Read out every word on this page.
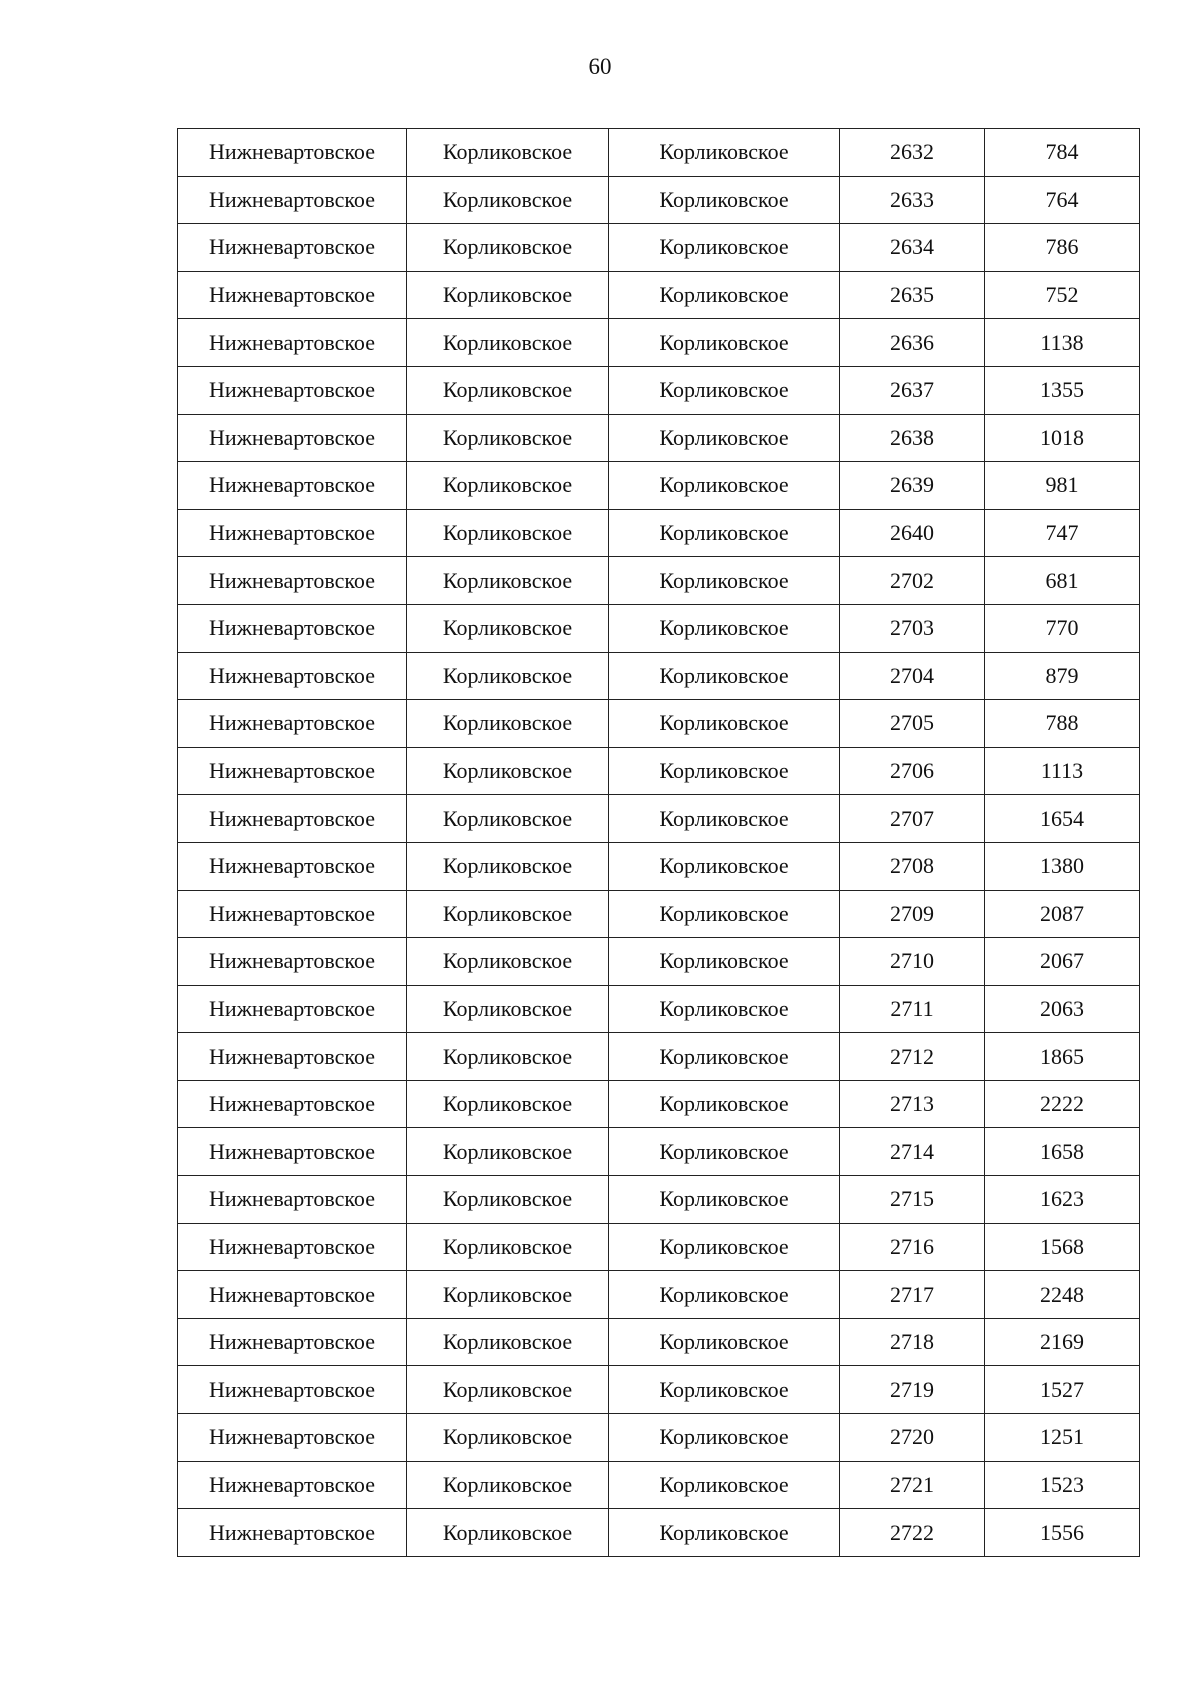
60
Нижневартовское	Корликовское	Корликовское	2632	784
Нижневартовское	Корликовское	Корликовское	2633	764
Нижневартовское	Корликовское	Корликовское	2634	786
Нижневартовское	Корликовское	Корликовское	2635	752
Нижневартовское	Корликовское	Корликовское	2636	1138
Нижневартовское	Корликовское	Корликовское	2637	1355
Нижневартовское	Корликовское	Корликовское	2638	1018
Нижневартовское	Корликовское	Корликовское	2639	981
Нижневартовское	Корликовское	Корликовское	2640	747
Нижневартовское	Корликовское	Корликовское	2702	681
Нижневартовское	Корликовское	Корликовское	2703	770
Нижневартовское	Корликовское	Корликовское	2704	879
Нижневартовское	Корликовское	Корликовское	2705	788
Нижневартовское	Корликовское	Корликовское	2706	1113
Нижневартовское	Корликовское	Корликовское	2707	1654
Нижневартовское	Корликовское	Корликовское	2708	1380
Нижневартовское	Корликовское	Корликовское	2709	2087
Нижневартовское	Корликовское	Корликовское	2710	2067
Нижневартовское	Корликовское	Корликовское	2711	2063
Нижневартовское	Корликовское	Корликовское	2712	1865
Нижневартовское	Корликовское	Корликовское	2713	2222
Нижневартовское	Корликовское	Корликовское	2714	1658
Нижневартовское	Корликовское	Корликовское	2715	1623
Нижневартовское	Корликовское	Корликовское	2716	1568
Нижневартовское	Корликовское	Корликовское	2717	2248
Нижневартовское	Корликовское	Корликовское	2718	2169
Нижневартовское	Корликовское	Корликовское	2719	1527
Нижневартовское	Корликовское	Корликовское	2720	1251
Нижневартовское	Корликовское	Корликовское	2721	1523
Нижневартовское	Корликовское	Корликовское	2722	1556
